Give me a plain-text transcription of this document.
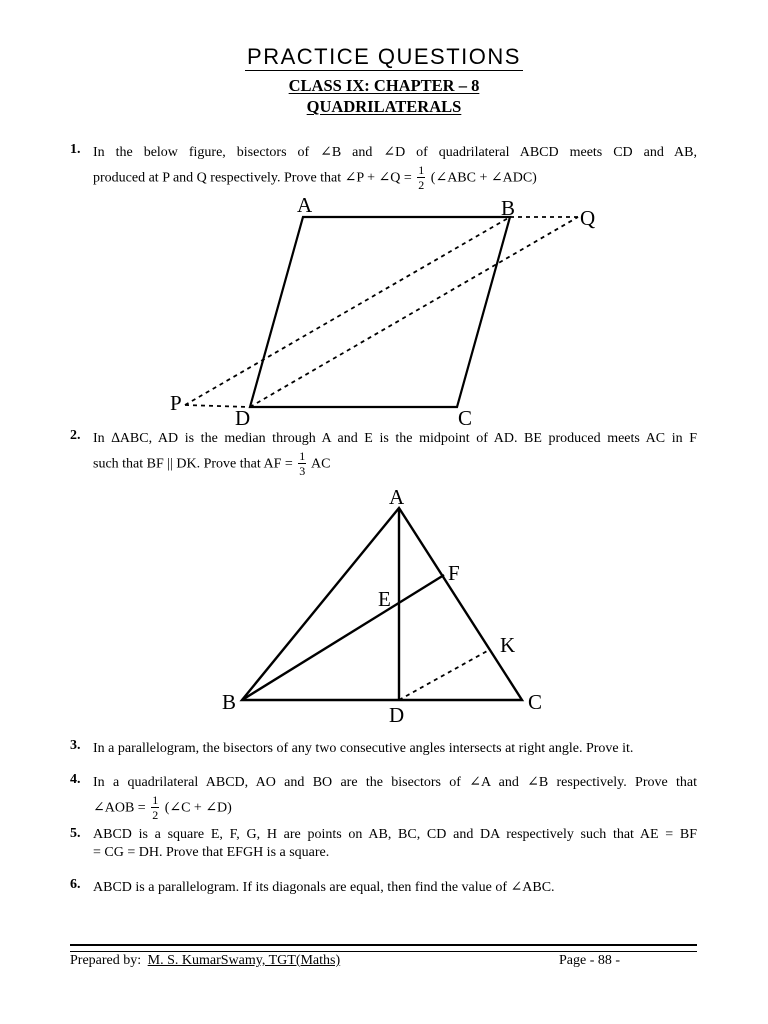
PRACTICE QUESTIONS
CLASS IX: CHAPTER – 8
QUADRILATERALS
1. In the below figure, bisectors of ∠B and ∠D of quadrilateral ABCD meets CD and AB,
produced at P and Q respectively. Prove that ∠P + ∠Q = $\frac{1}{2}$ (∠ABC + ∠ADC)
A	B	Q
P
D	C
2. In ∆ABC, AD is the median through A and E is the midpoint of AD. BE produced meets AC in F
such that BF || DK. Prove that AF = $\frac{1}{3}$ AC
A
F
E
K
B	C
D
3. In a parallelogram, the bisectors of any two consecutive angles intersects at right angle. Prove it.
4. In a quadrilateral ABCD, AO and BO are the bisectors of ∠A and ∠B respectively. Prove that
∠AOB = $\frac{1}{2}$ (∠C + ∠D)
5. ABCD is a square E, F, G, H are points on AB, BC, CD and DA respectively such that AE = BF
= CG = DH. Prove that EFGH is a square.
6. ABCD is a parallelogram. If its diagonals are equal, then find the value of ∠ABC.
Prepared by: M. S. KumarSwamy, TGT(Maths)	Page - 88 -
